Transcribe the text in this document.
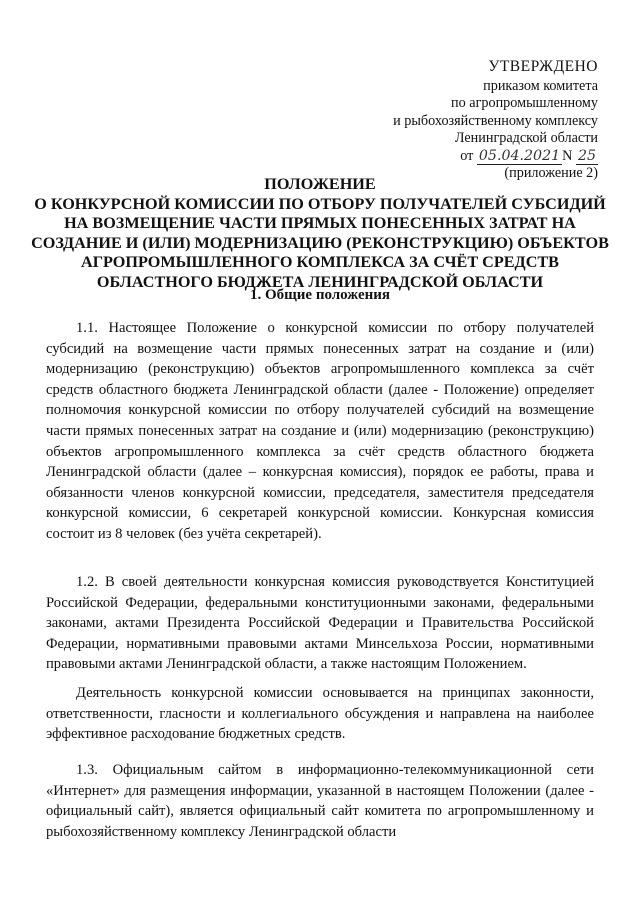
УТВЕРЖДЕНО
приказом комитета
по агропромышленному
и рыбохозяйственному комплексу
Ленинградской области
от 05.04.2021 N 25
(приложение 2)
ПОЛОЖЕНИЕ
О КОНКУРСНОЙ КОМИССИИ ПО ОТБОРУ ПОЛУЧАТЕЛЕЙ СУБСИДИЙ
НА ВОЗМЕЩЕНИЕ ЧАСТИ ПРЯМЫХ ПОНЕСЕННЫХ ЗАТРАТ НА
СОЗДАНИЕ И (ИЛИ) МОДЕРНИЗАЦИЮ (РЕКОНСТРУКЦИЮ) ОБЪЕКТОВ
АГРОПРОМЫШЛЕННОГО КОМПЛЕКСА ЗА СЧЁТ СРЕДСТВ
ОБЛАСТНОГО БЮДЖЕТА ЛЕНИНГРАДСКОЙ ОБЛАСТИ
1. Общие положения

1.1. Настоящее Положение о конкурсной комиссии по отбору получателей субсидий на возмещение части прямых понесенных затрат на создание и (или) модернизацию (реконструкцию) объектов агропромышленного комплекса за счёт средств областного бюджета Ленинградской области (далее - Положение) определяет полномочия конкурсной комиссии по отбору получателей субсидий на возмещение части прямых понесенных затрат на создание и (или) модернизацию (реконструкцию) объектов агропромышленного комплекса за счёт средств областного бюджета Ленинградской области (далее – конкурсная комиссия), порядок ее работы, права и обязанности членов конкурсной комиссии, председателя, заместителя председателя конкурсной комиссии, 6 секретарей конкурсной комиссии. Конкурсная комиссия состоит из 8 человек (без учёта секретарей).

1.2. В своей деятельности конкурсная комиссия руководствуется Конституцией Российской Федерации, федеральными конституционными законами, федеральными законами, актами Президента Российской Федерации и Правительства Российской Федерации, нормативными правовыми актами Минсельхоза России, нормативными правовыми актами Ленинградской области, а также настоящим Положением.

Деятельность конкурсной комиссии основывается на принципах законности, ответственности, гласности и коллегиального обсуждения и направлена на наиболее эффективное расходование бюджетных средств.

1.3. Официальным сайтом в информационно-телекоммуникационной сети «Интернет» для размещения информации, указанной в настоящем Положении (далее - официальный сайт), является официальный сайт комитета по агропромышленному и рыбохозяйственному комплексу Ленинградской области
